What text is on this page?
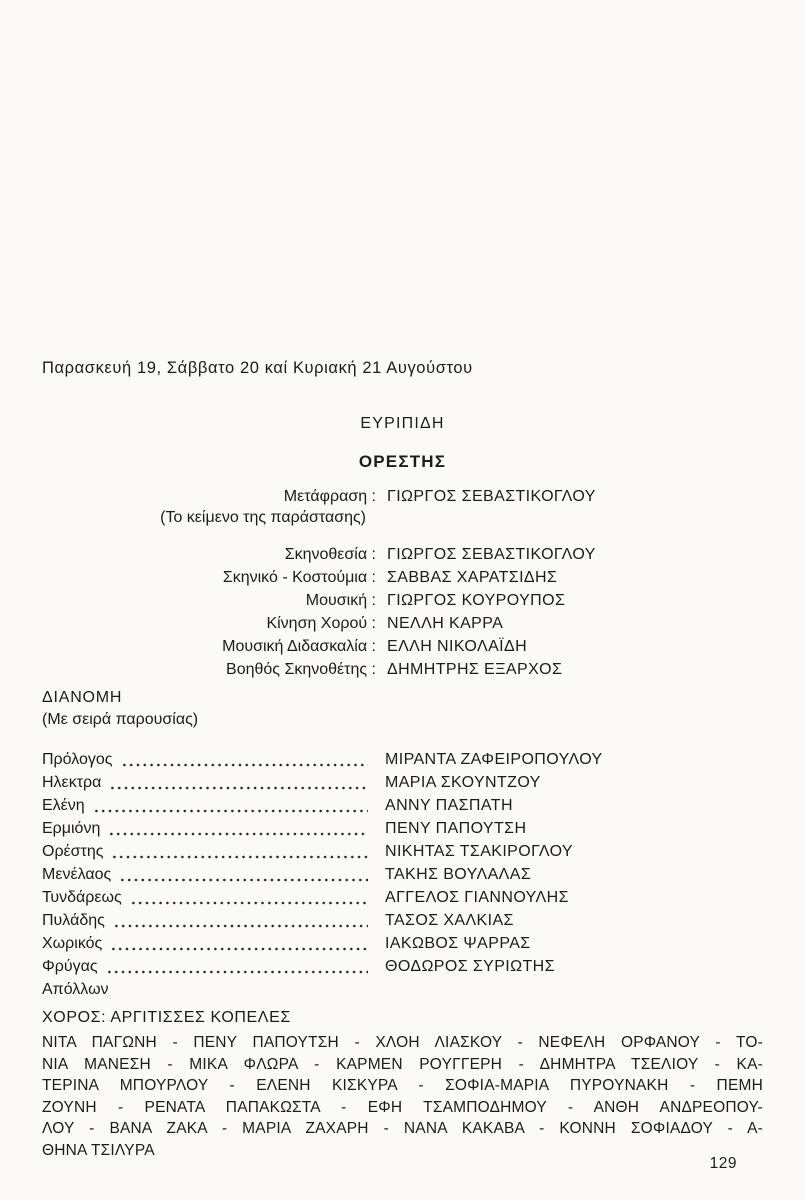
Παρασκευή 19, Σάββατο 20 καί Κυριακή 21 Αυγούστου
ΕΥΡΙΠΙΔΗ
ΟΡΕΣΤΗΣ
Μετάφραση : ΓΙΩΡΓΟΣ ΣΕΒΑΣΤΙΚΟΓΛΟΥ
(Το κείμενο της παράστασης)
Σκηνοθεσία : ΓΙΩΡΓΟΣ ΣΕΒΑΣΤΙΚΟΓΛΟΥ
Σκηνικό - Κοστούμια : ΣΑΒΒΑΣ ΧΑΡΑΤΣΙΔΗΣ
Μουσική : ΓΙΩΡΓΟΣ ΚΟΥΡΟΥΠΟΣ
Κίνηση Χορού : ΝΕΛΛΗ ΚΑΡΡΑ
Μουσική Διδασκαλία : ΕΛΛΗ ΝΙΚΟΛΑΪΔΗ
Βοηθός Σκηνοθέτης : ΔΗΜΗΤΡΗΣ ΕΞΑΡΧΟΣ
ΔΙΑΝΟΜΗ
(Με σειρά παρουσίας)
Πρόλογος	ΜΙΡΑΝΤΑ ΖΑΦΕΙΡΟΠΟΥΛΟΥ
Ηλεκτρα	ΜΑΡΙΑ ΣΚΟΥΝΤΖΟΥ
Ελένη	ΑΝΝΥ ΠΑΣΠΑΤΗ
Ερμιόνη	ΠΕΝΥ ΠΑΠΟΥΤΣΗ
Ορέστης	ΝΙΚΗΤΑΣ ΤΣΑΚΙΡΟΓΛΟΥ
Μενέλαος	ΤΑΚΗΣ ΒΟΥΛΑΛΑΣ
Τυνδάρεως	ΑΓΓΕΛΟΣ ΓΙΑΝΝΟΥΛΗΣ
Πυλάδης	ΤΑΣΟΣ ΧΑΛΚΙΑΣ
Χωρικός	ΙΑΚΩΒΟΣ ΨΑΡΡΑΣ
Φρύγας	ΘΟΔΩΡΟΣ ΣΥΡΙΩΤΗΣ
Απόλλων
ΧΟΡΟΣ: ΑΡΓΙΤΙΣΣΕΣ ΚΟΠΕΛΕΣ
ΝΙΤΑ ΠΑΓΩΝΗ - ΠΕΝΥ ΠΑΠΟΥΤΣΗ - ΧΛΟΗ ΛΙΑΣΚΟΥ - ΝΕΦΕΛΗ ΟΡΦΑΝΟΥ - ΤΟ-
ΝΙΑ ΜΑΝΕΣΗ - ΜΙΚΑ ΦΛΩΡΑ - ΚΑΡΜΕΝ ΡΟΥΓΓΕΡΗ - ΔΗΜΗΤΡΑ ΤΣΕΛΙΟΥ - ΚΑ-
ΤΕΡΙΝΑ ΜΠΟΥΡΛΟΥ - ΕΛΕΝΗ ΚΙΣΚΥΡΑ - ΣΟΦΙΑ-ΜΑΡΙΑ ΠΥΡΟΥΝΑΚΗ - ΠΕΜΗ
ΖΟΥΝΗ - ΡΕΝΑΤΑ ΠΑΠΑΚΩΣΤΑ - ΕΦΗ ΤΣΑΜΠΟΔΗΜΟΥ - ΑΝΘΗ ΑΝΔΡΕΟΠΟΥ-
ΛΟΥ - ΒΑΝΑ ΖΑΚΑ - ΜΑΡΙΑ ΖΑΧΑΡΗ - ΝΑΝΑ ΚΑΚΑΒΑ - ΚΟΝΝΗ ΣΟΦΙΑΔΟΥ - Α-
ΘΗΝΑ ΤΣΙΛΥΡΑ
129
